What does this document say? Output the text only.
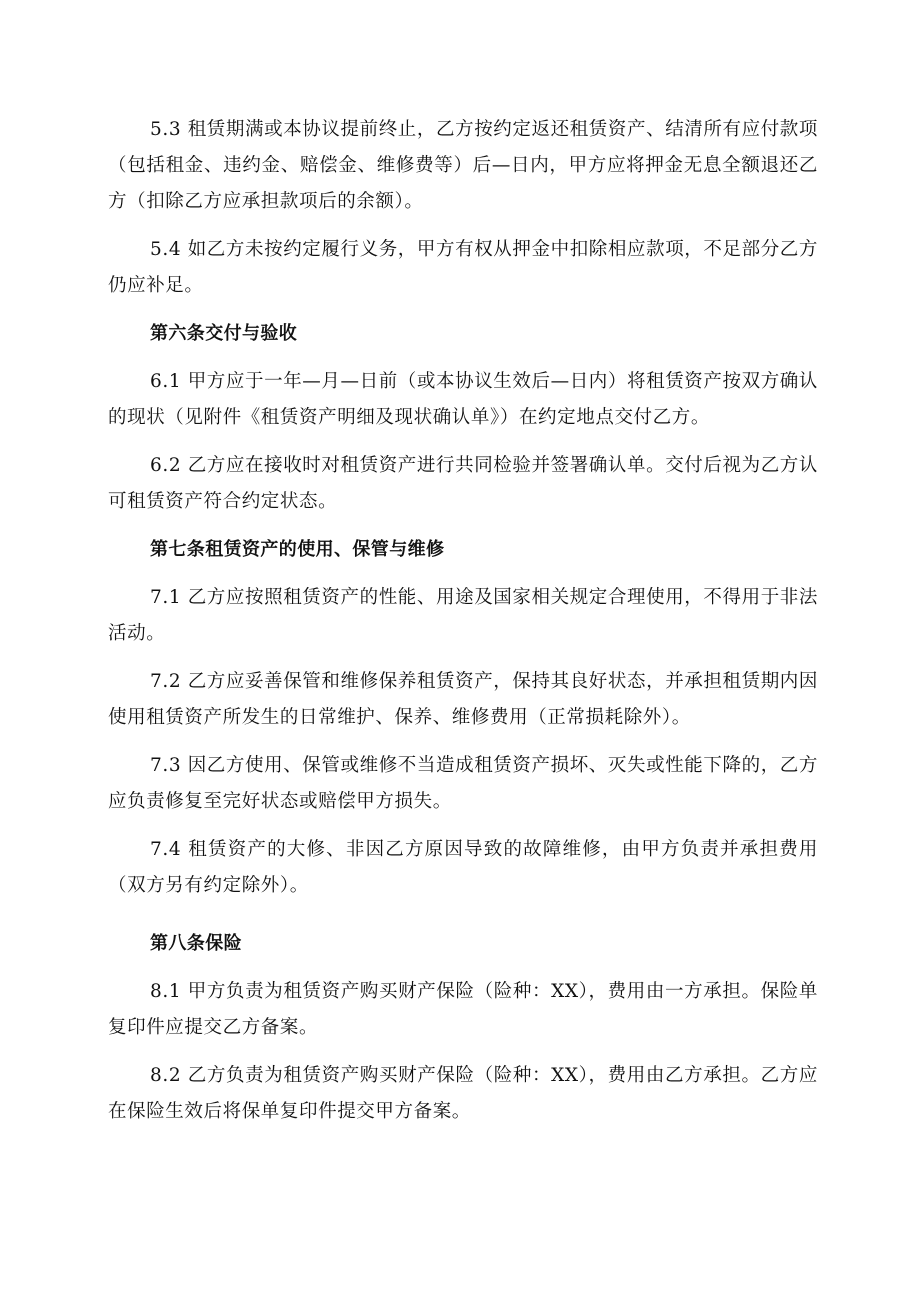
5.3 租赁期满或本协议提前终止，乙方按约定返还租赁资产、结清所有应付款项（包括租金、违约金、赔偿金、维修费等）后—日内，甲方应将押金无息全额退还乙方（扣除乙方应承担款项后的余额）。

5.4 如乙方未按约定履行义务，甲方有权从押金中扣除相应款项，不足部分乙方仍应补足。

第六条交付与验收

6.1 甲方应于一年—月—日前（或本协议生效后—日内）将租赁资产按双方确认的现状（见附件《租赁资产明细及现状确认单》）在约定地点交付乙方。

6.2 乙方应在接收时对租赁资产进行共同检验并签署确认单。交付后视为乙方认可租赁资产符合约定状态。

第七条租赁资产的使用、保管与维修

7.1 乙方应按照租赁资产的性能、用途及国家相关规定合理使用，不得用于非法活动。

7.2 乙方应妥善保管和维修保养租赁资产，保持其良好状态，并承担租赁期内因使用租赁资产所发生的日常维护、保养、维修费用（正常损耗除外）。

7.3 因乙方使用、保管或维修不当造成租赁资产损坏、灭失或性能下降的，乙方应负责修复至完好状态或赔偿甲方损失。

7.4 租赁资产的大修、非因乙方原因导致的故障维修，由甲方负责并承担费用（双方另有约定除外）。

第八条保险

8.1 甲方负责为租赁资产购买财产保险（险种：XX），费用由一方承担。保险单复印件应提交乙方备案。

8.2 乙方负责为租赁资产购买财产保险（险种：XX），费用由乙方承担。乙方应在保险生效后将保单复印件提交甲方备案。
